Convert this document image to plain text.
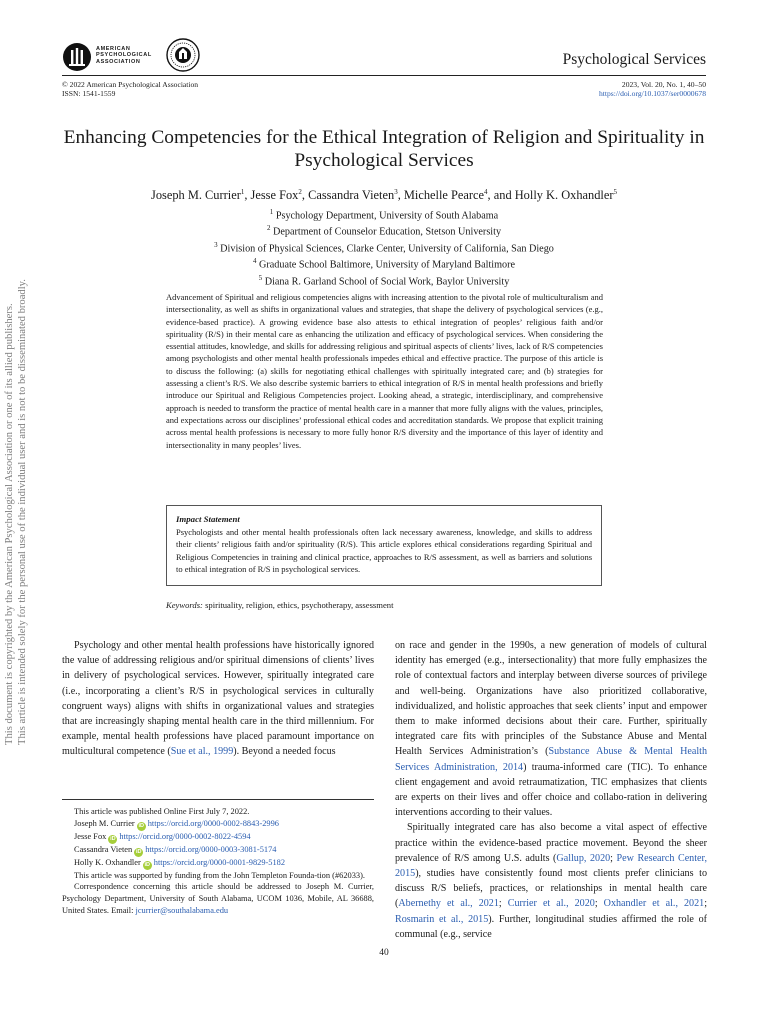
AMERICAN
PSYCHOLOGICAL
ASSOCIATION	Psychological Services
© 2022 American Psychological Association
ISSN: 1541-1559
2023, Vol. 20, No. 1, 40–50
https://doi.org/10.1037/ser0000678
This document is copyrighted by the American Psychological Association or one of its allied publishers. This article is intended solely for the personal use of the individual user and is not to be disseminated broadly.
Enhancing Competencies for the Ethical Integration of Religion and Spirituality in Psychological Services
Joseph M. Currier$^1$, Jesse Fox$^2$, Cassandra Vieten$^3$, Michelle Pearce$^4$, and Holly K. Oxhandler$^5$
$^1$ Psychology Department, University of South Alabama
$^2$ Department of Counselor Education, Stetson University
$^3$ Division of Physical Sciences, Clarke Center, University of California, San Diego
$^4$ Graduate School Baltimore, University of Maryland Baltimore
$^5$ Diana R. Garland School of Social Work, Baylor University
Advancement of Spiritual and religious competencies aligns with increasing attention to the pivotal role of multiculturalism and intersectionality, as well as shifts in organizational values and strategies, that shape the delivery of psychological services (e.g., evidence-based practice). A growing evidence base also attests to ethical integration of peoples’ religious faith and/or spirituality (R/S) in their mental care as enhancing the utilization and efficacy of psychological services. When considering the essential attitudes, knowledge, and skills for addressing religious and spiritual aspects of clients’ lives, lack of R/S competencies among psychologists and other mental health professionals impedes ethical and effective practice. The purpose of this article is to discuss the following: (a) skills for negotiating ethical challenges with spiritually integrated care; and (b) strategies for assessing a client’s R/S. We also describe systemic barriers to ethical integration of R/S in mental health professions and briefly introduce our Spiritual and Religious Competencies project. Looking ahead, a strategic, interdisciplinary, and comprehensive approach is needed to transform the practice of mental health care in a manner that more fully aligns with the values, principles, and expectations across our disciplines’ professional ethical codes and accreditation standards. We propose that explicit training across mental health professions is necessary to more fully honor R/S diversity and the importance of this layer of identity and intersectionality in many peoples’ lives.
Impact Statement
Psychologists and other mental health professionals often lack necessary awareness, knowledge, and skills to address their clients’ religious faith and/or spirituality (R/S). This article explores ethical considerations regarding Spiritual and Religious Competencies in training and clinical practice, approaches to R/S assessment, as well as barriers and solutions to ethical integration of R/S in psychological services.
Keywords: spirituality, religion, ethics, psychotherapy, assessment

Psychology and other mental health professions have historically ignored the value of addressing religious and/or spiritual dimensions of clients’ lives in delivery of psychological services. However, spiritually integrated care (i.e., incorporating a client’s R/S in psychological services in culturally congruent ways) aligns with shifts in organizational values and strategies that are increasingly shaping mental health care in the third millennium. For example, mental health professions have placed paramount importance on multicultural competence (Sue et al., 1999). Beyond a needed focus

This article was published Online First July 7, 2022.

Joseph M. Currier iD https://orcid.org/0000-0002-8843-2996

Jesse Fox iD https://orcid.org/0000-0002-8022-4594

Cassandra Vieten iD https://orcid.org/0000-0003-3081-5174

Holly K. Oxhandler iD https://orcid.org/0000-0001-9829-5182

This article was supported by funding from the John Templeton Founda-tion (#62033).

Correspondence concerning this article should be addressed to Joseph M. Currier, Psychology Department, University of South Alabama, UCOM 1036, Mobile, AL 36688, United States. Email: jcurrier@southalabama.edu

on race and gender in the 1990s, a new generation of models of cultural identity has emerged (e.g., intersectionality) that more fully emphasizes the role of contextual factors and interplay between diverse sources of privilege and well-being. Organizations have also prioritized collaborative, individualized, and holistic approaches that seek clients’ input and empower them to make informed decisions about their care. Further, spiritually integrated care fits with principles of the Substance Abuse and Mental Health Services Administration’s (Substance Abuse & Mental Health Services Administration, 2014) trauma-informed care (TIC). To enhance client engagement and avoid retraumatization, TIC emphasizes that clients are experts on their lives and offer choice and collabo-ration in delivering interventions according to their values.

Spiritually integrated care has also become a vital aspect of effective practice within the evidence-based practice movement. Beyond the sheer prevalence of R/S among U.S. adults (Gallup, 2020; Pew Research Center, 2015), studies have consistently found most clients prefer clinicians to discuss R/S beliefs, practices, or relationships in mental health care (Abernethy et al., 2021; Currier et al., 2020; Oxhandler et al., 2021; Rosmarin et al., 2015). Further, longitudinal studies affirmed the role of communal (e.g., service

40
